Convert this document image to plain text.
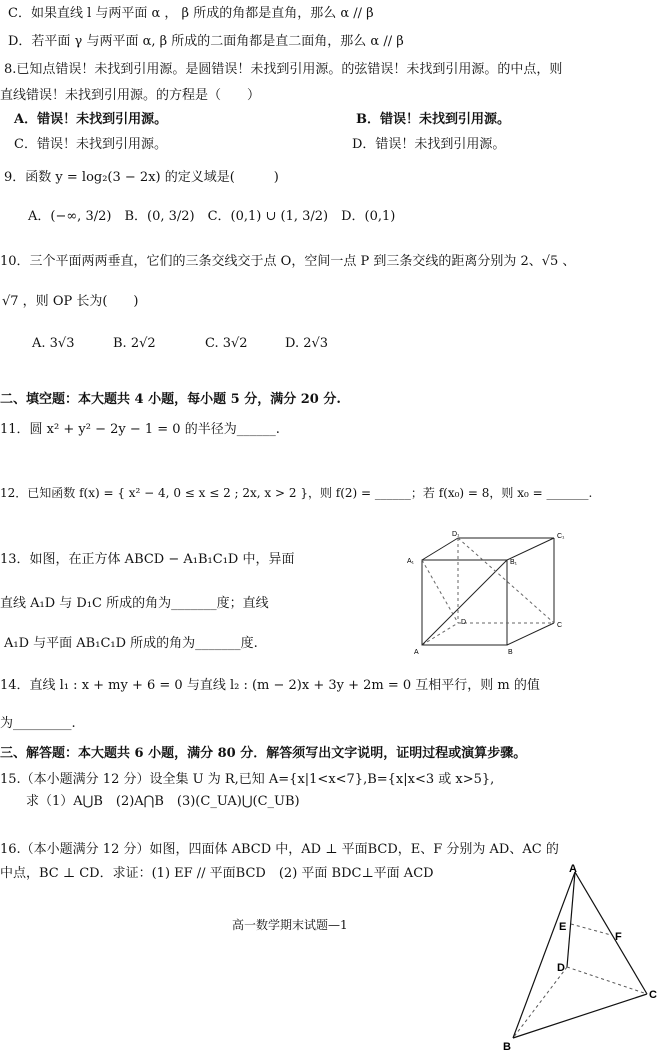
C．如果直线 l 与两平面 α ， β 所成的角都是直角，那么 α // β
D．若平面 γ 与两平面 α, β 所成的二面角都是直二面角，那么 α // β
8.已知点错误！未找到引用源。是圆错误！未找到引用源。的弦错误！未找到引用源。的中点，则
直线错误！未找到引用源。的方程是（　　）
A．错误！未找到引用源。	B．错误！未找到引用源。
C．错误！未找到引用源。	D．错误！未找到引用源。
9．函数 y = log₂(3 − 2x) 的定义域是(　　　)
A．(−∞, 3/2)　B．(0, 3/2)　C．(0,1) ∪ (1, 3/2)　D．(0,1)
10．三个平面两两垂直，它们的三条交线交于点 O，空间一点 P 到三条交线的距离分别为 2、√5 、
√7 ，则 OP 长为(　　)
A. 3√3	B. 2√2	C. 3√2	D. 2√3
二、填空题：本大题共 4 小题，每小题 5 分，满分 20 分.
11．圆 x² + y² − 2y − 1 = 0 的半径为______.
12．已知函数 f(x) = { x² − 4, 0 ≤ x ≤ 2 ; 2x, x > 2 }，则 f(2) = ______；若 f(x₀) = 8，则 x₀ = _______.
13．如图，在正方体 ABCD − A₁B₁C₁D 中，异面
直线 A₁D 与 D₁C 所成的角为_______度；直线
A₁D 与平面 AB₁C₁D 所成的角为_______度.
D₁	C₁
A₁	B₁
D	C
A	B
14．直线 l₁ : x + my + 6 = 0 与直线 l₂ : (m − 2)x + 3y + 2m = 0 互相平行，则 m 的值
为_________.
三、解答题：本大题共 6 小题，满分 80 分．解答须写出文字说明，证明过程或演算步骤。
15.（本小题满分 12 分）设全集 U 为 R,已知 A={x|1<x<7},B={x|x<3 或 x>5},
求（1）A⋃B　(2)A⋂B　(3)(C_UA)⋃(C_UB)
16.（本小题满分 12 分）如图，四面体 ABCD 中，AD ⊥ 平面BCD，E、F 分别为 AD、AC 的
中点，BC ⊥ CD．求证：(1) EF // 平面BCD　(2) 平面 BDC⊥平面 ACD
高一数学期末试题—1
A
E
F
D
C
B
